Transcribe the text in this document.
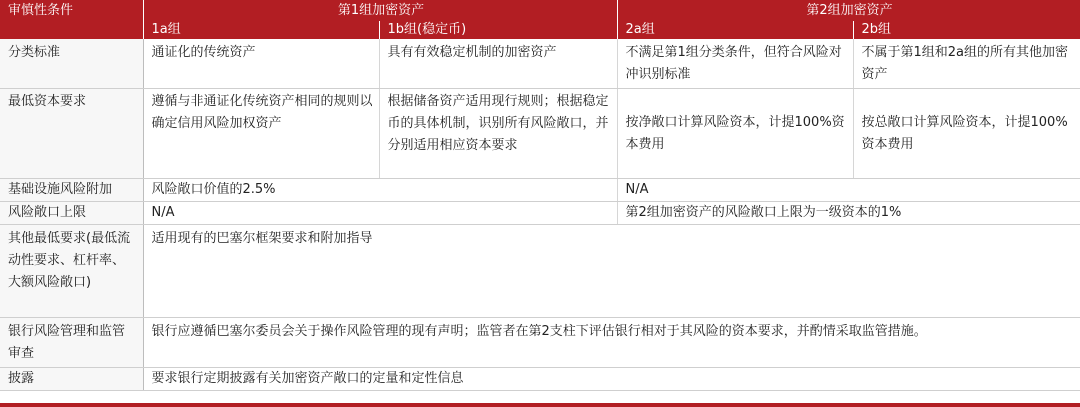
审慎性条件	第1组加密资产		第2组加密资产	
	1a组	1b组(稳定币)	2a组	2b组
分类标准	通证化的传统资产	具有有效稳定机制的加密资产	不满足第1组分类条件，但符合风险对冲识别标准	不属于第1组和2a组的所有其他加密资产
最低资本要求	遵循与非通证化传统资产相同的规则以确定信用风险加权资产	根据储备资产适用现行规则；根据稳定币的具体机制，识别所有风险敞口，并分别适用相应资本要求	按净敞口计算风险资本，计提100%资本费用	按总敞口计算风险资本，计提100%资本费用
基础设施风险附加	风险敞口价值的2.5%		N/A	
风险敞口上限	N/A		第2组加密资产的风险敞口上限为一级资本的1%	
其他最低要求(最低流动性要求、杠杆率、大额风险敞口)	适用现有的巴塞尔框架要求和附加指导			
银行风险管理和监管审查	银行应遵循巴塞尔委员会关于操作风险管理的现有声明；监管者在第2支柱下评估银行相对于其风险的资本要求，并酌情采取监管措施。			
披露	要求银行定期披露有关加密资产敞口的定量和定性信息			
